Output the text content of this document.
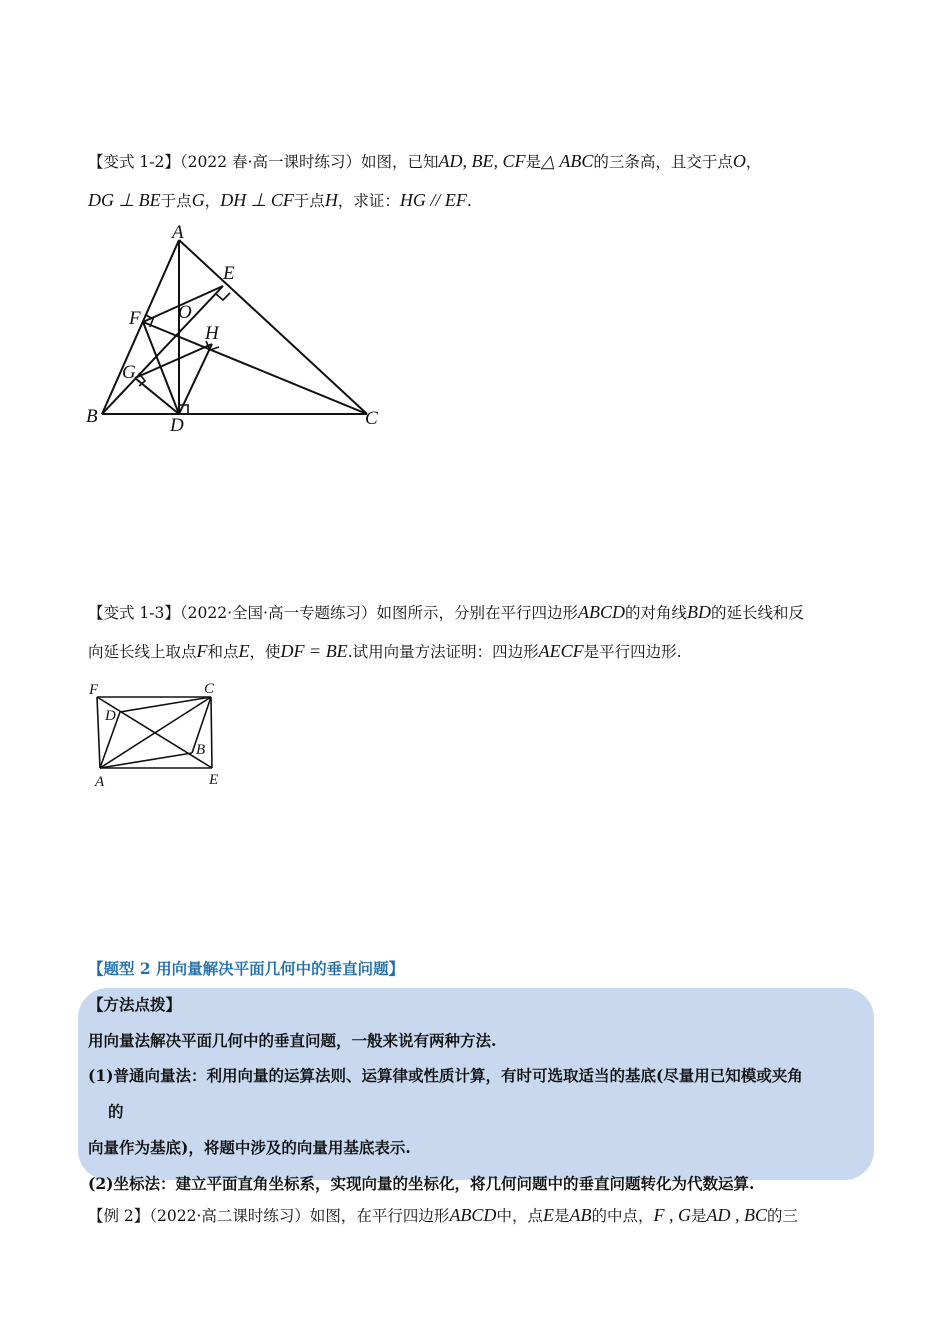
【变式 1-2】（2022 春·高一课时练习）如图，已知AD, BE, CF是△ ABC的三条高，且交于点O，
DG ⊥ BE于点G，DH ⊥ CF于点H，求证：HG // EF.
A
E
F O
H
G
B	D	C
【变式 1-3】（2022·全国·高一专题练习）如图所示，分别在平行四边形ABCD的对角线BD的延长线和反
向延长线上取点F和点E，使DF = BE.试用向量方法证明：四边形AECF是平行四边形.
F	C
D
B
A	E
【题型 2 用向量解决平面几何中的垂直问题】
【方法点拨】
用向量法解决平面几何中的垂直问题，一般来说有两种方法.
(1)普通向量法：利用向量的运算法则、运算律或性质计算，有时可选取适当的基底(尽量用已知模或夹角
的
向量作为基底)，将题中涉及的向量用基底表示.
(2)坐标法：建立平面直角坐标系，实现向量的坐标化，将几何问题中的垂直问题转化为代数运算.
【例 2】（2022·高二课时练习）如图，在平行四边形ABCD中，点E是AB的中点，F , G是AD , BC的三
